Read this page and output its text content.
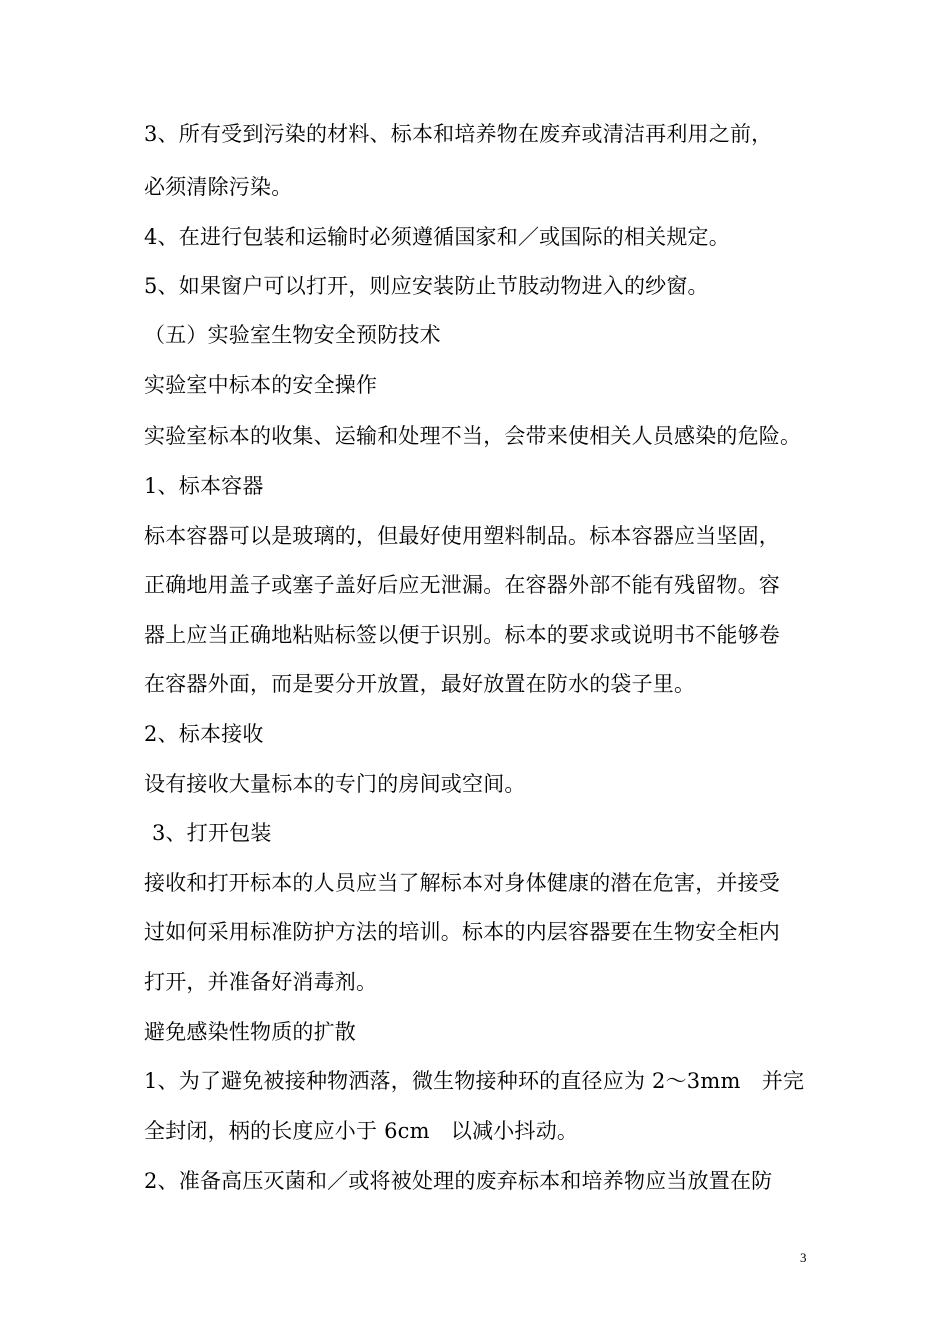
3、所有受到污染的材料、标本和培养物在废弃或清洁再利用之前，
必须清除污染。
4、在进行包装和运输时必须遵循国家和／或国际的相关规定。
5、如果窗户可以打开，则应安装防止节肢动物进入的纱窗。
（五）实验室生物安全预防技术
实验室中标本的安全操作
实验室标本的收集、运输和处理不当，会带来使相关人员感染的危险。
1、标本容器
标本容器可以是玻璃的，但最好使用塑料制品。标本容器应当坚固，
正确地用盖子或塞子盖好后应无泄漏。在容器外部不能有残留物。容
器上应当正确地粘贴标签以便于识别。标本的要求或说明书不能够卷
在容器外面，而是要分开放置，最好放置在防水的袋子里。
2、标本接收
设有接收大量标本的专门的房间或空间。
3、打开包装
接收和打开标本的人员应当了解标本对身体健康的潜在危害，并接受
过如何采用标准防护方法的培训。标本的内层容器要在生物安全柜内
打开，并准备好消毒剂。
避免感染性物质的扩散
1、为了避免被接种物洒落，微生物接种环的直径应为 2～3mm　并完
全封闭，柄的长度应小于 6cm　以减小抖动。
2、准备高压灭菌和／或将被处理的废弃标本和培养物应当放置在防
3
